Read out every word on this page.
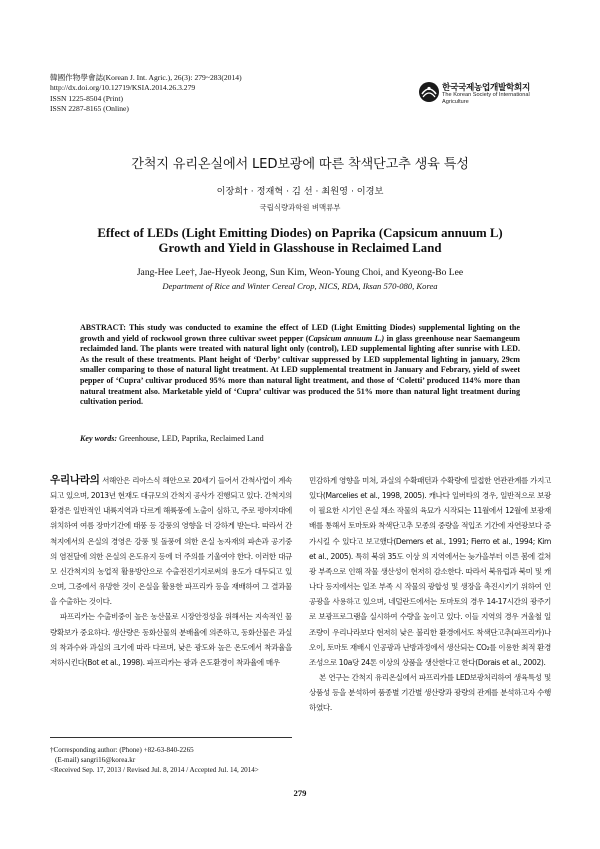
韓國作物學會誌(Korean J. Int. Agric.), 26(3): 279~283(2014)
http://dx.doi.org/10.12719/KSIA.2014.26.3.279
ISSN 1225-8504 (Print)
ISSN 2287-8165 (Online)
한국국제농업개발학회지
The Korean Society of International Agriculture
간척지 유리온실에서 LED보광에 따른 착색단고추 생육 특성
이장희† · 정재혁 · 김 선 · 최원영 · 이경보
국립식량과학원 벼맥류부
Effect of LEDs (Light Emitting Diodes) on Paprika (Capsicum annuum L)
Growth and Yield in Glasshouse in Reclaimed Land
Jang-Hee Lee†, Jae-Hyeok Jeong, Sun Kim, Weon-Young Choi, and Kyeong-Bo Lee
Department of Rice and Winter Cereal Crop, NICS, RDA, Iksan 570-080, Korea
ABSTRACT: This study was conducted to examine the effect of LED (Light Emitting Diodes) supplemental lighting on the growth and yield of rockwool grown three cultivar sweet pepper (Capsicum annuum L.) in glass greenhouse near Saemangeum reclaimded land. The plants were treated with natural light only (control), LED supplemental lighting after sunrise with LED. As the result of these treatments. Plant height of ‘Derby’ cultivar suppressed by LED supplemental lighting in january, 29cm smaller comparing to those of natural light treatment. At LED supplemental treatment in January and Febrary, yield of sweet pepper of ‘Cupra’ cultivar produced 95% more than natural light treatment, and those of ‘Coletti’ produced 114% more than natural treatment also. Marketable yield of ‘Cupra’ cultivar was produced the 51% more than natural light treatment during cultivation period.
Key words: Greenhouse, LED, Paprika, Reclaimed Land

우리나라의 서해안은 리아스식 해안으로 20세기 들어서 간척사업이 계속되고 있으며, 2013년 현재도 대규모의 간척지 공사가 진행되고 있다. 간척지의 환경은 일반적인 내륙지역과 다르게 해륙풍에 노출이 심하고, 주로 평야지대에 위치하여 여름 장마기간에 태풍 등 강풍의 영향을 더 강하게 받는다. 따라서 간척지에서의 온실의 경영은 강풍 및 돌풍에 의한 온실 농자재의 파손과 공기중의 염전달에 의한 온실의 온도유지 등에 더 주의를 기울여야 한다. 이러한 대규모 신간척지의 농업적 활용방안으로 수출전진기지로써의 용도가 대두되고 있으며, 그중에서 유망한 것이 온실을 활용한 파프리카 등을 재배하여 그 결과물을 수출하는 것이다.

파프리카는 수출비중이 높은 농산물로 시장안정성을 위해서는 지속적인 물량확보가 중요하다. 생산량은 동화산물의 분배율에 의존하고, 동화산물은 과실의 착과수와 과실의 크기에 따라 다르며, 낮은 광도와 높은 온도에서 착과율을 저하시킨다(Bot et al., 1998). 파프리카는 광과 온도환경이 착과율에 매우

민감하게 영향을 미쳐, 과실의 수확패턴과 수확량에 밀접한 연관관계를 가지고 있다(Marcelies et al., 1998, 2005). 캐나다 일버타의 경우, 일반적으로 보광이 필요한 시기인 온실 채소 작물의 육묘가 시작되는 11월에서 12월에 보광재배를 통해서 토마토와 착색단고추 모종의 중량을 적입조 기간에 자연광보다 증가시킬 수 있다고 보고했다(Demers et al., 1991; Fierro et al., 1994; Kim et al., 2005). 특히 북위 35도 이상 의 지역에서는 늦가을부터 이른 봄에 걸쳐 광 부족으로 인해 작물 생산성이 현저히 감소한다. 따라서 북유럽과 북미 및 캐나다 등지에서는 일조 부족 시 작물의 광합성 및 생장을 촉진시키기 위하여 인공광을 사용하고 있으며, 네덜란드에서는 토마토의 경우 14-17시간의 광주기로 보광프로그램을 실시하여 수량을 높이고 있다. 이들 지역의 경우 겨울철 일조량이 우리나라보다 현저히 낮은 불리한 환경에서도 착색단고추(파프리카)나 오이, 토마토 재배시 인공광과 난방과정에서 생산되는 CO₂를 이용한 최적 환경조성으로 10a당 24톤 이상의 상품을 생산한다고 한다(Dorais et al., 2002).

본 연구는 간척지 유리온실에서 파프리카를 LED보광처리하여 생육특성 및 상품성 등을 분석하여 품종별 기간별 생산량과 광량의 관계를 분석하고자 수행하였다.

†Corresponding author: (Phone) +82-63-840-2265
(E-mail) sangri16@korea.kr
<Received Sep. 17, 2013 / Revised Jul. 8, 2014 / Accepted Jul. 14, 2014>
279
